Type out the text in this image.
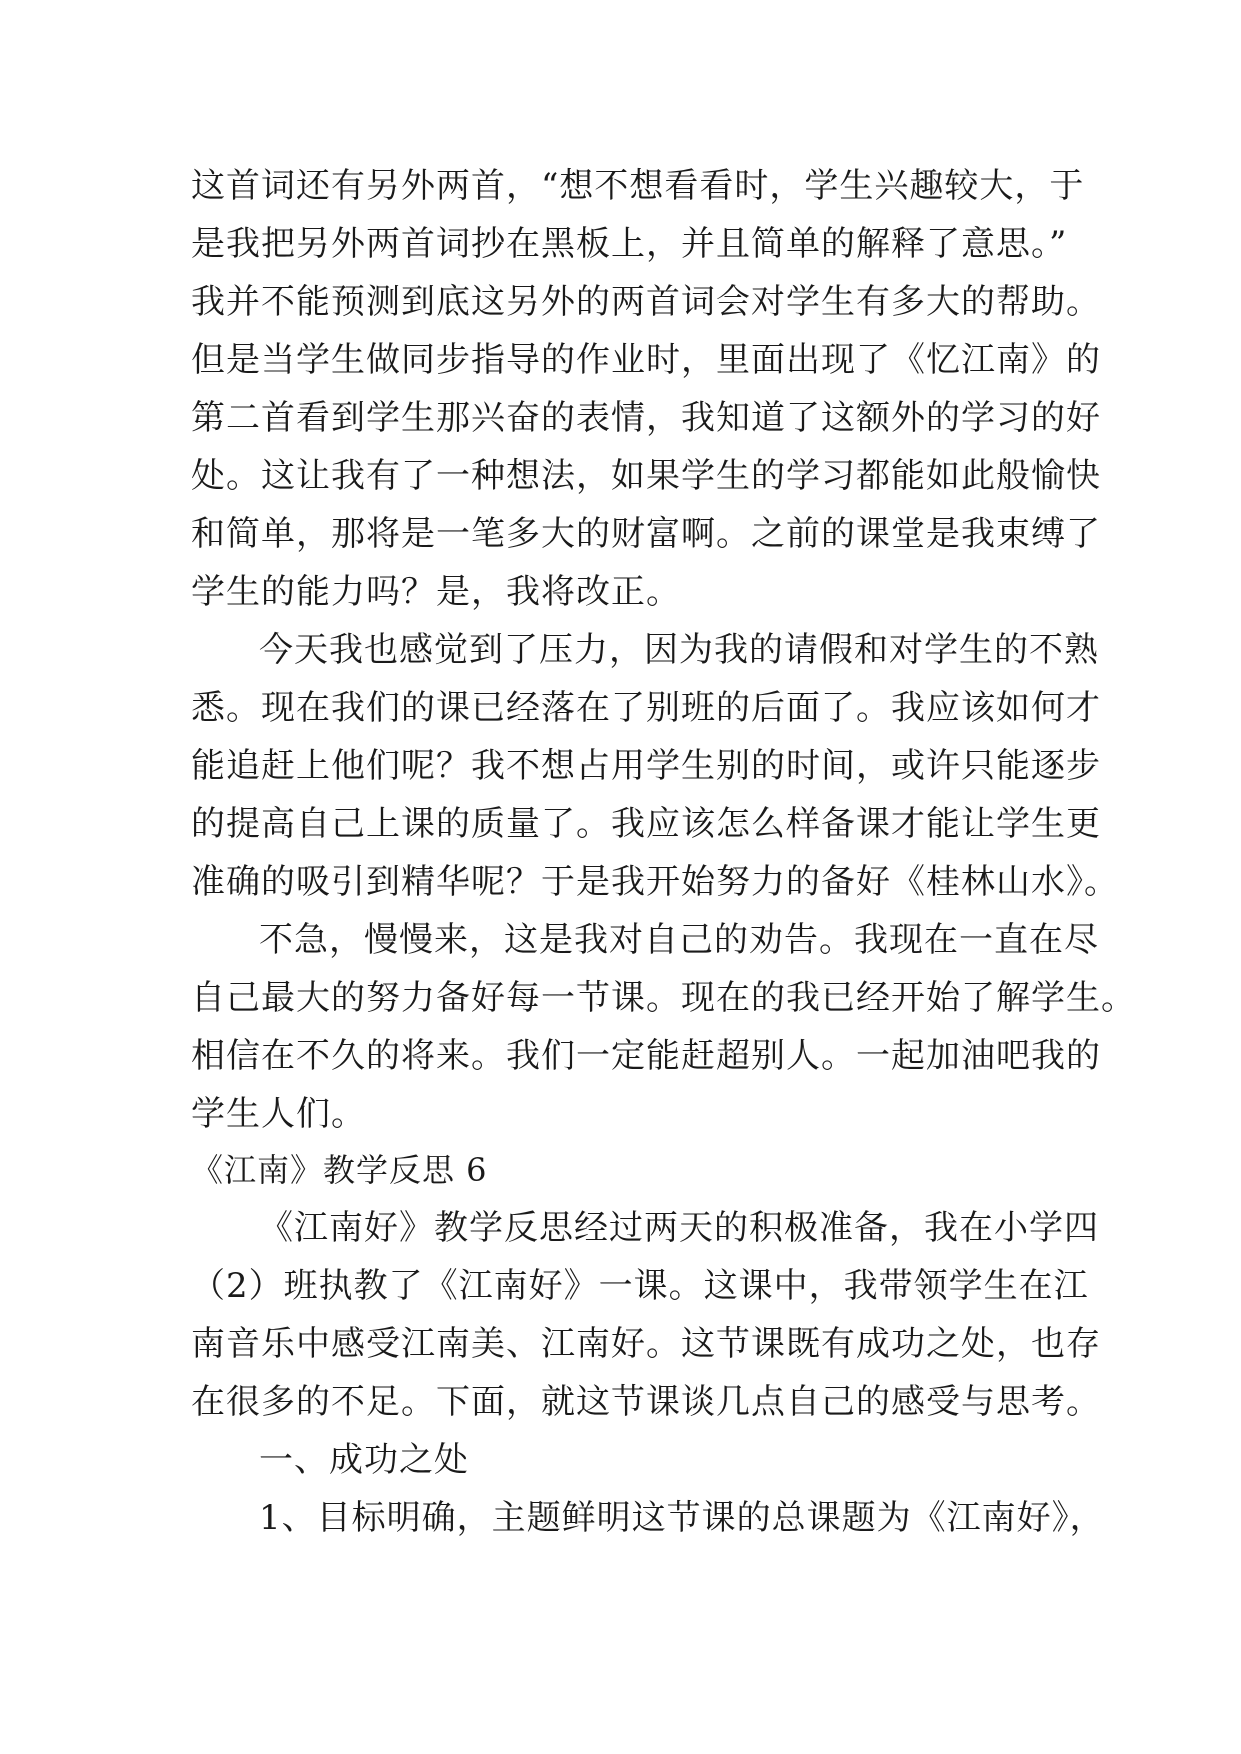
这首词还有另外两首，“想不想看看时，学生兴趣较大，于
是我把另外两首词抄在黑板上，并且简单的解释了意思。”
我并不能预测到底这另外的两首词会对学生有多大的帮助。
但是当学生做同步指导的作业时，里面出现了《忆江南》的
第二首看到学生那兴奋的表情，我知道了这额外的学习的好
处。这让我有了一种想法，如果学生的学习都能如此般愉快
和简单，那将是一笔多大的财富啊。之前的课堂是我束缚了
学生的能力吗？是，我将改正。
今天我也感觉到了压力，因为我的请假和对学生的不熟
悉。现在我们的课已经落在了别班的后面了。我应该如何才
能追赶上他们呢？我不想占用学生别的时间，或许只能逐步
的提高自己上课的质量了。我应该怎么样备课才能让学生更
准确的吸引到精华呢？于是我开始努力的备好《桂林山水》。
不急，慢慢来，这是我对自己的劝告。我现在一直在尽
自己最大的努力备好每一节课。现在的我已经开始了解学生。
相信在不久的将来。我们一定能赶超别人。一起加油吧我的
学生人们。
《江南》教学反思 6
《江南好》教学反思经过两天的积极准备，我在小学四
（2）班执教了《江南好》一课。这课中，我带领学生在江
南音乐中感受江南美、江南好。这节课既有成功之处，也存
在很多的不足。下面，就这节课谈几点自己的感受与思考。
一、成功之处
1、目标明确，主题鲜明这节课的总课题为《江南好》，
